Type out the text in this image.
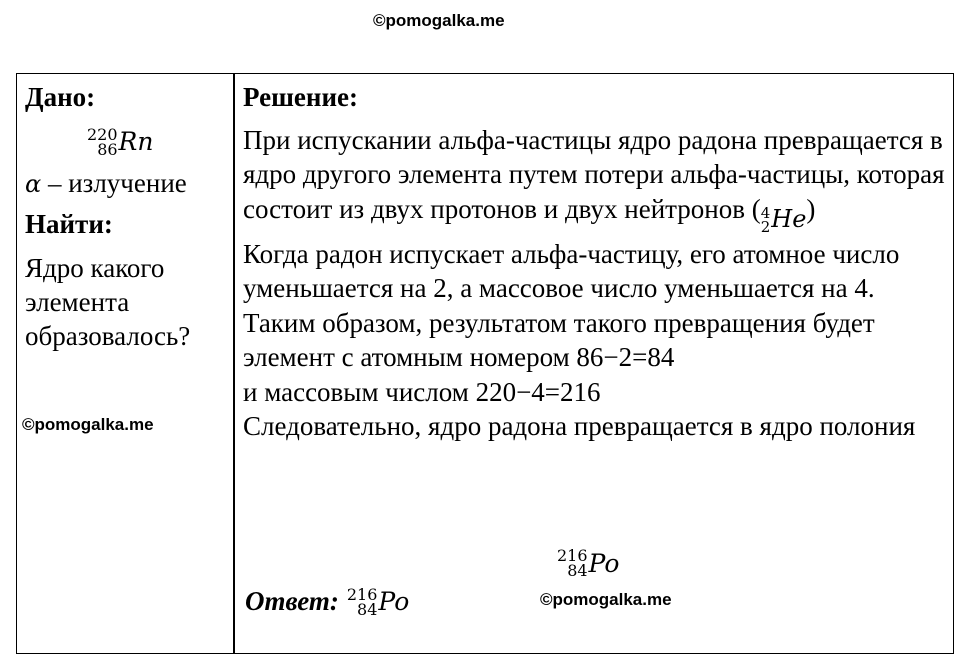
©pomogalka.me
Дано:
220
86 Rn
α – излучение
Найти:
Ядро какого элемента образовалось?
Решение:

При испускании альфа-частицы ядро радона превращается в ядро другого элемента путем потери альфа-частицы, которая состоит из двух протонов и двух нейтронов ( 4
2 He )

Когда радон испускает альфа-частицу, его атомное число уменьшается на 2, а массовое число уменьшается на 4. Таким образом, результатом такого превращения будет элемент с атомным номером 86−2=84

и массовым числом 220−4=216

Следовательно, ядро радона превращается в ядро полония

216
84 Po
Ответ: 216
84 Po
©pomogalka.me
©pomogalka.me
